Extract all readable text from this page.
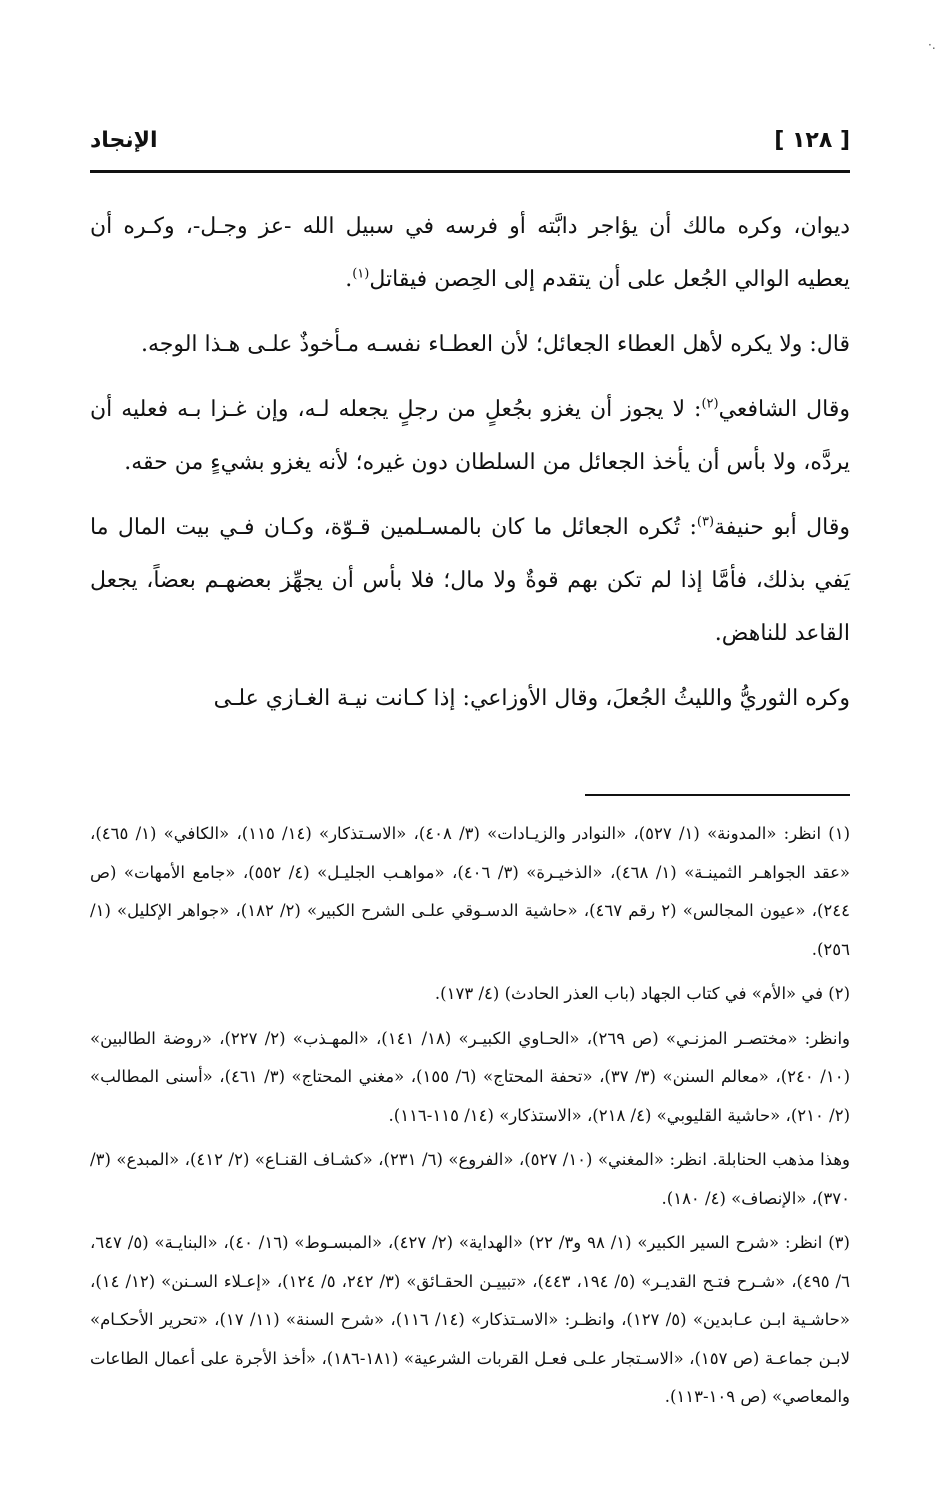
·.
الإنجاد	[ ١٢٨ ]

ديوان، وكره مالك أن يؤاجر دابَّته أو فرسه في سبيل الله -عز وجـل-، وكـره أن يعطيه الوالي الجُعل على أن يتقدم إلى الحِصن فيقاتل$^{(١)}$.

قال: ولا يكره لأهل العطاء الجعائل؛ لأن العطـاء نفسـه مـأخوذٌ علـى هـذا الوجه.

وقال الشافعي$^{(٢)}$: لا يجوز أن يغزو بجُعلٍ من رجلٍ يجعله لـه، وإن غـزا بـه فعليه أن يردَّه، ولا بأس أن يأخذ الجعائل من السلطان دون غيره؛ لأنه يغزو بشيءٍ من حقه.

وقال أبو حنيفة$^{(٣)}$: تُكره الجعائل ما كان بالمسـلمين قـوّة، وكـان فـي بيت المال ما يَفي بذلك، فأمَّا إذا لم تكن بهم قوةٌ ولا مال؛ فلا بأس أن يجهِّز بعضهـم بعضاً، يجعل القاعد للناهض.

وكره الثوريُّ والليثُ الجُعلَ، وقال الأوزاعي: إذا كـانت نيـة الغـازي علـى

(١) انظر: «المدونة» (١/ ٥٢٧)، «النوادر والزيـادات» (٣/ ٤٠٨)، «الاسـتذكار» (١٤/ ١١٥)، «الكافي» (١/ ٤٦٥)، «عقد الجواهـر الثمينـة» (١/ ٤٦٨)، «الذخيـرة» (٣/ ٤٠٦)، «مواهـب الجليـل» (٤/ ٥٥٢)، «جامع الأمهات» (ص ٢٤٤)، «عيون المجالس» (٢ رقم ٤٦٧)، «حاشية الدسـوقي علـى الشرح الكبير» (٢/ ١٨٢)، «جواهر الإكليل» (١/ ٢٥٦).

(٢) في «الأم» في كتاب الجهاد (باب العذر الحادث) (٤/ ١٧٣).

وانظر: «مختصـر المزنـي» (ص ٢٦٩)، «الحـاوي الكبيـر» (١٨/ ١٤١)، «المهـذب» (٢/ ٢٢٧)، «روضة الطالبين» (١٠/ ٢٤٠)، «معالم السنن» (٣/ ٣٧)، «تحفة المحتاج» (٦/ ١٥٥)، «مغني المحتاج» (٣/ ٤٦١)، «أسنى المطالب» (٢/ ٢١٠)، «حاشية القليوبي» (٤/ ٢١٨)، «الاستذكار» (١٤/ ١١٥-١١٦).

وهذا مذهب الحنابلة. انظر: «المغني» (١٠/ ٥٢٧)، «الفروع» (٦/ ٢٣١)، «كشـاف القنـاع» (٢/ ٤١٢)، «المبدع» (٣/ ٣٧٠)، «الإنصاف» (٤/ ١٨٠).

(٣) انظر: «شرح السير الكبير» (١/ ٩٨ و٣/ ٢٢) «الهداية» (٢/ ٤٢٧)، «المبسـوط» (١٦/ ٤٠)، «البنايـة» (٥/ ٦٤٧، ٦/ ٤٩٥)، «شـرح فتـح القديـر» (٥/ ١٩٤، ٤٤٣)، «تبييـن الحقـائق» (٣/ ٢٤٢، ٥/ ١٢٤)، «إعـلاء السـنن» (١٢/ ١٤)، «حاشـية ابـن عـابدين» (٥/ ١٢٧)، وانظـر: «الاسـتذكار» (١٤/ ١١٦)، «شرح السنة» (١١/ ١٧)، «تحرير الأحكـام» لابـن جماعـة (ص ١٥٧)، «الاسـتجار علـى فعـل القربات الشرعية» (١٨١-١٨٦)، «أخذ الأجرة على أعمال الطاعات والمعاصي» (ص ١٠٩-١١٣).
